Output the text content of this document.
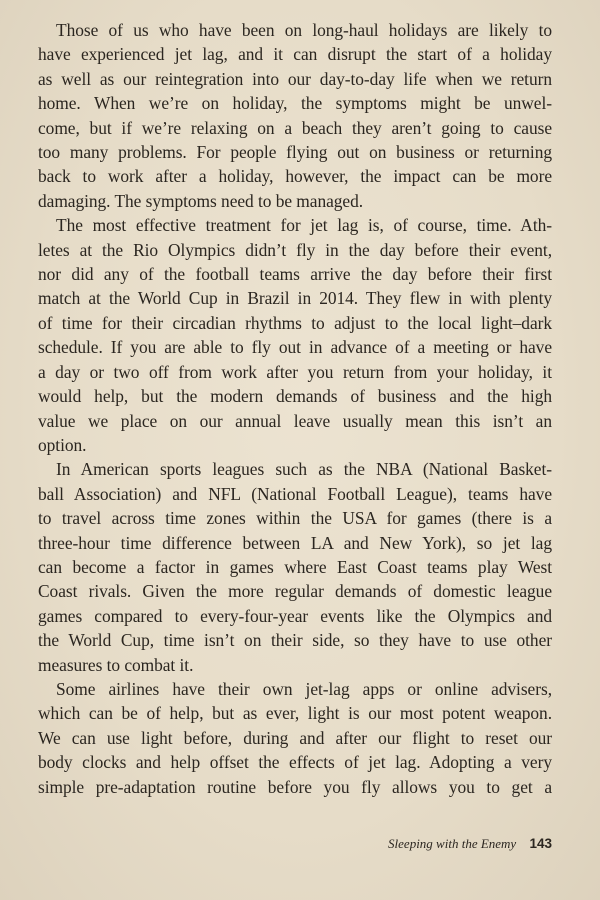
Those of us who have been on long-haul holidays are likely to
have experienced jet lag, and it can disrupt the start of a holiday
as well as our reintegration into our day-to-day life when we return
home. When we’re on holiday, the symptoms might be unwel-
come, but if we’re relaxing on a beach they aren’t going to cause
too many problems. For people flying out on business or returning
back to work after a holiday, however, the impact can be more
damaging. The symptoms need to be managed.

The most effective treatment for jet lag is, of course, time. Ath-
letes at the Rio Olympics didn’t fly in the day before their event,
nor did any of the football teams arrive the day before their first
match at the World Cup in Brazil in 2014. They flew in with plenty
of time for their circadian rhythms to adjust to the local light–dark
schedule. If you are able to fly out in advance of a meeting or have
a day or two off from work after you return from your holiday, it
would help, but the modern demands of business and the high
value we place on our annual leave usually mean this isn’t an
option.

In American sports leagues such as the NBA (National Basket-
ball Association) and NFL (National Football League), teams have
to travel across time zones within the USA for games (there is a
three-hour time difference between LA and New York), so jet lag
can become a factor in games where East Coast teams play West
Coast rivals. Given the more regular demands of domestic league
games compared to every-four-year events like the Olympics and
the World Cup, time isn’t on their side, so they have to use other
measures to combat it.

Some airlines have their own jet-lag apps or online advisers,
which can be of help, but as ever, light is our most potent weapon.
We can use light before, during and after our flight to reset our
body clocks and help offset the effects of jet lag. Adopting a very
simple pre-adaptation routine before you fly allows you to get a

Sleeping with the Enemy 143
